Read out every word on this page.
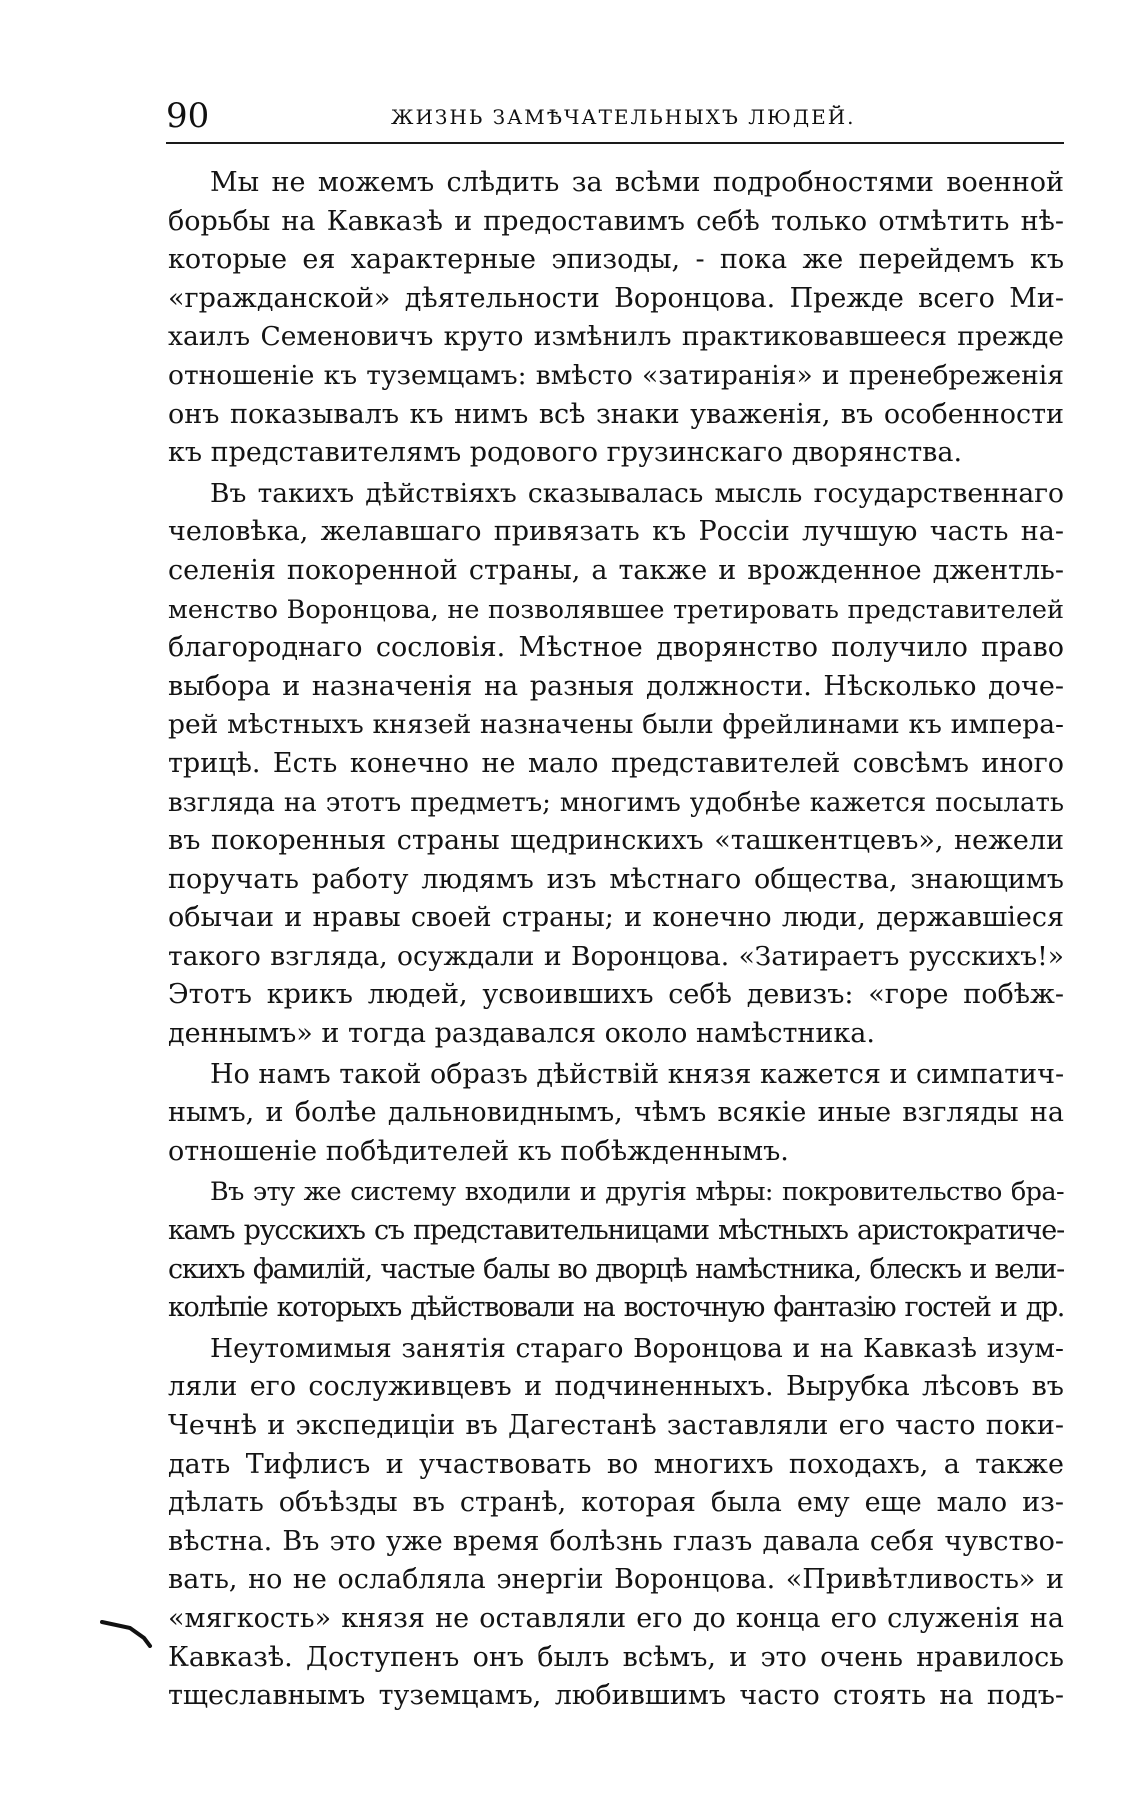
90	ЖИЗНЬ ЗАМѢЧАТЕЛЬНЫХЪ ЛЮДЕЙ.
Мы не можемъ слѣдить за всѣми подробностями военной
борьбы на Кавказѣ и предоставимъ себѣ только отмѣтить нѣ-
которые ея характерные эпизоды, - пока же перейдемъ къ
«гражданской» дѣятельности Воронцова. Прежде всего Ми-
хаилъ Семеновичъ круто измѣнилъ практиковавшееся прежде
отношеніе къ туземцамъ: вмѣсто «затиранія» и пренебреженія
онъ показывалъ къ нимъ всѣ знаки уваженія, въ особенности
къ представителямъ родового грузинскаго дворянства.
Въ такихъ дѣйствіяхъ сказывалась мысль государственнаго
человѣка, желавшаго привязать къ Россіи лучшую часть на-
селенія покоренной страны, а также и врожденное джентль-
менство Воронцова, не позволявшее третировать представителей
благороднаго сословія. Мѣстное дворянство получило право
выбора и назначенія на разныя должности. Нѣсколько доче-
рей мѣстныхъ князей назначены были фрейлинами къ импера-
трицѣ. Есть конечно не мало представителей совсѣмъ иного
взгляда на этотъ предметъ; многимъ удобнѣе кажется посылать
въ покоренныя страны щедринскихъ «ташкентцевъ», нежели
поручать работу людямъ изъ мѣстнаго общества, знающимъ
обычаи и нравы своей страны; и конечно люди, державшіеся
такого взгляда, осуждали и Воронцова. «Затираетъ русскихъ!»
Этотъ крикъ людей, усвоившихъ себѣ девизъ: «горе побѣж-
деннымъ» и тогда раздавался около намѣстника.
Но намъ такой образъ дѣйствій князя кажется и симпатич-
нымъ, и болѣе дальновиднымъ, чѣмъ всякіе иные взгляды на
отношеніе побѣдителей къ побѣжденнымъ.
Въ эту же систему входили и другія мѣры: покровительство бра-
камъ русскихъ съ представительницами мѣстныхъ аристократиче-
скихъ фамилій, частые балы во дворцѣ намѣстника, блескъ и вели-
колѣпіе которыхъ дѣйствовали на восточную фантазію гостей и др.
Неутомимыя занятія стараго Воронцова и на Кавказѣ изум-
ляли его сослуживцевъ и подчиненныхъ. Вырубка лѣсовъ въ
Чечнѣ и экспедиціи въ Дагестанѣ заставляли его часто поки-
дать Тифлисъ и участвовать во многихъ походахъ, а также
дѣлать объѣзды въ странѣ, которая была ему еще мало из-
вѣстна. Въ это уже время болѣзнь глазъ давала себя чувство-
вать, но не ослабляла энергіи Воронцова. «Привѣтливость» и
«мягкость» князя не оставляли его до конца его служенія на
Кавказѣ. Доступенъ онъ былъ всѣмъ, и это очень нравилось
тщеславнымъ туземцамъ, любившимъ часто стоять на подъ-
